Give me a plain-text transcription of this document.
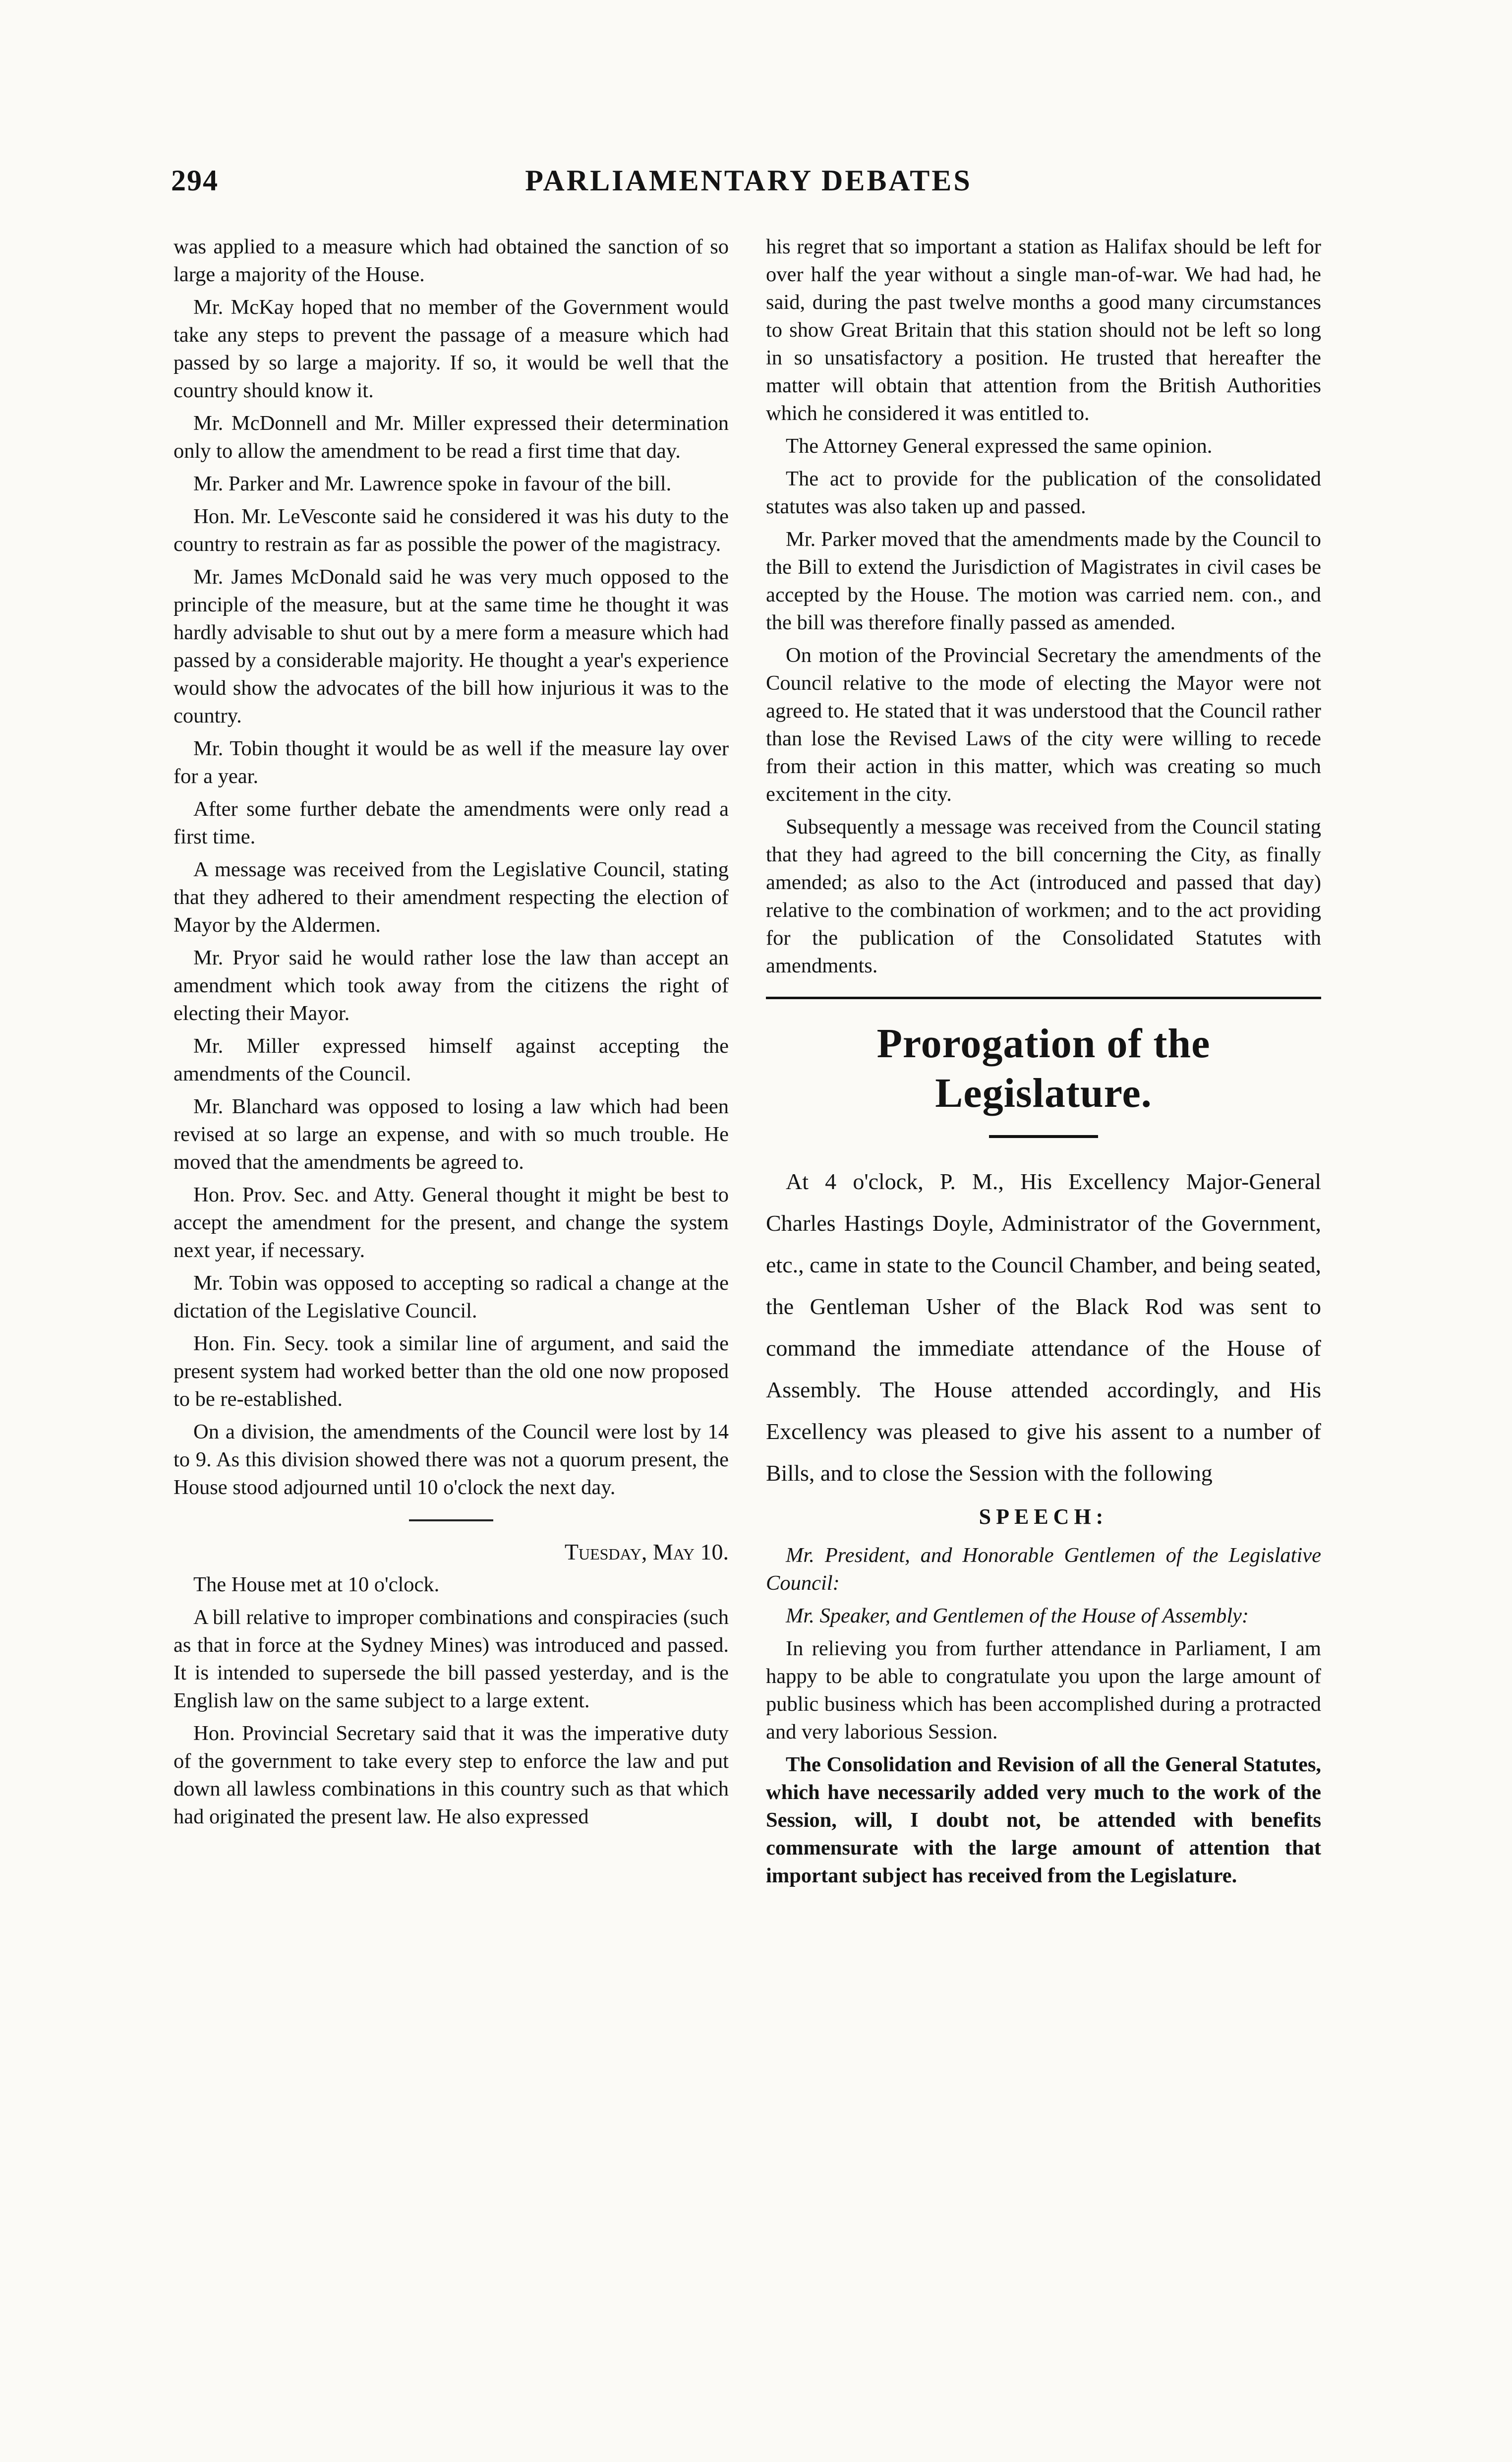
294	PARLIAMENTARY DEBATES

was applied to a measure which had obtained the sanction of so large a majority of the House.

Mr. McKay hoped that no member of the Government would take any steps to prevent the passage of a measure which had passed by so large a majority. If so, it would be well that the country should know it.

Mr. McDonnell and Mr. Miller expressed their determination only to allow the amendment to be read a first time that day.

Mr. Parker and Mr. Lawrence spoke in favour of the bill.

Hon. Mr. LeVesconte said he considered it was his duty to the country to restrain as far as possible the power of the magistracy.

Mr. James McDonald said he was very much opposed to the principle of the measure, but at the same time he thought it was hardly advisable to shut out by a mere form a measure which had passed by a considerable majority. He thought a year's experience would show the advocates of the bill how injurious it was to the country.

Mr. Tobin thought it would be as well if the measure lay over for a year.

After some further debate the amendments were only read a first time.

A message was received from the Legislative Council, stating that they adhered to their amendment respecting the election of Mayor by the Aldermen.

Mr. Pryor said he would rather lose the law than accept an amendment which took away from the citizens the right of electing their Mayor.

Mr. Miller expressed himself against accepting the amendments of the Council.

Mr. Blanchard was opposed to losing a law which had been revised at so large an expense, and with so much trouble. He moved that the amendments be agreed to.

Hon. Prov. Sec. and Atty. General thought it might be best to accept the amendment for the present, and change the system next year, if necessary.

Mr. Tobin was opposed to accepting so radical a change at the dictation of the Legislative Council.

Hon. Fin. Secy. took a similar line of argument, and said the present system had worked better than the old one now proposed to be re-established.

On a division, the amendments of the Council were lost by 14 to 9. As this division showed there was not a quorum present, the House stood adjourned until 10 o'clock the next day.

Tuesday, May 10.

The House met at 10 o'clock.

A bill relative to improper combinations and conspiracies (such as that in force at the Sydney Mines) was introduced and passed. It is intended to supersede the bill passed yesterday, and is the English law on the same subject to a large extent.

Hon. Provincial Secretary said that it was the imperative duty of the government to take every step to enforce the law and put down all lawless combinations in this country such as that which had originated the present law. He also expressed

his regret that so important a station as Halifax should be left for over half the year without a single man-of-war. We had had, he said, during the past twelve months a good many circumstances to show Great Britain that this station should not be left so long in so unsatisfactory a position. He trusted that hereafter the matter will obtain that attention from the British Authorities which he considered it was entitled to.

The Attorney General expressed the same opinion.

The act to provide for the publication of the consolidated statutes was also taken up and passed.

Mr. Parker moved that the amendments made by the Council to the Bill to extend the Jurisdiction of Magistrates in civil cases be accepted by the House. The motion was carried nem. con., and the bill was therefore finally passed as amended.

On motion of the Provincial Secretary the amendments of the Council relative to the mode of electing the Mayor were not agreed to. He stated that it was understood that the Council rather than lose the Revised Laws of the city were willing to recede from their action in this matter, which was creating so much excitement in the city.

Subsequently a message was received from the Council stating that they had agreed to the bill concerning the City, as finally amended; as also to the Act (introduced and passed that day) relative to the combination of workmen; and to the act providing for the publication of the Consolidated Statutes with amendments.

Prorogation of the Legislature.

At 4 o'clock, P. M., His Excellency Major-General Charles Hastings Doyle, Administrator of the Government, etc., came in state to the Council Chamber, and being seated, the Gentleman Usher of the Black Rod was sent to command the immediate attendance of the House of Assembly. The House attended accordingly, and His Excellency was pleased to give his assent to a number of Bills, and to close the Session with the following

SPEECH:

Mr. President, and Honorable Gentlemen of the Legislative Council:

Mr. Speaker, and Gentlemen of the House of Assembly:

In relieving you from further attendance in Parliament, I am happy to be able to congratulate you upon the large amount of public business which has been accomplished during a protracted and very laborious Session.

The Consolidation and Revision of all the General Statutes, which have necessarily added very much to the work of the Session, will, I doubt not, be attended with benefits commensurate with the large amount of attention that important subject has received from the Legislature.
